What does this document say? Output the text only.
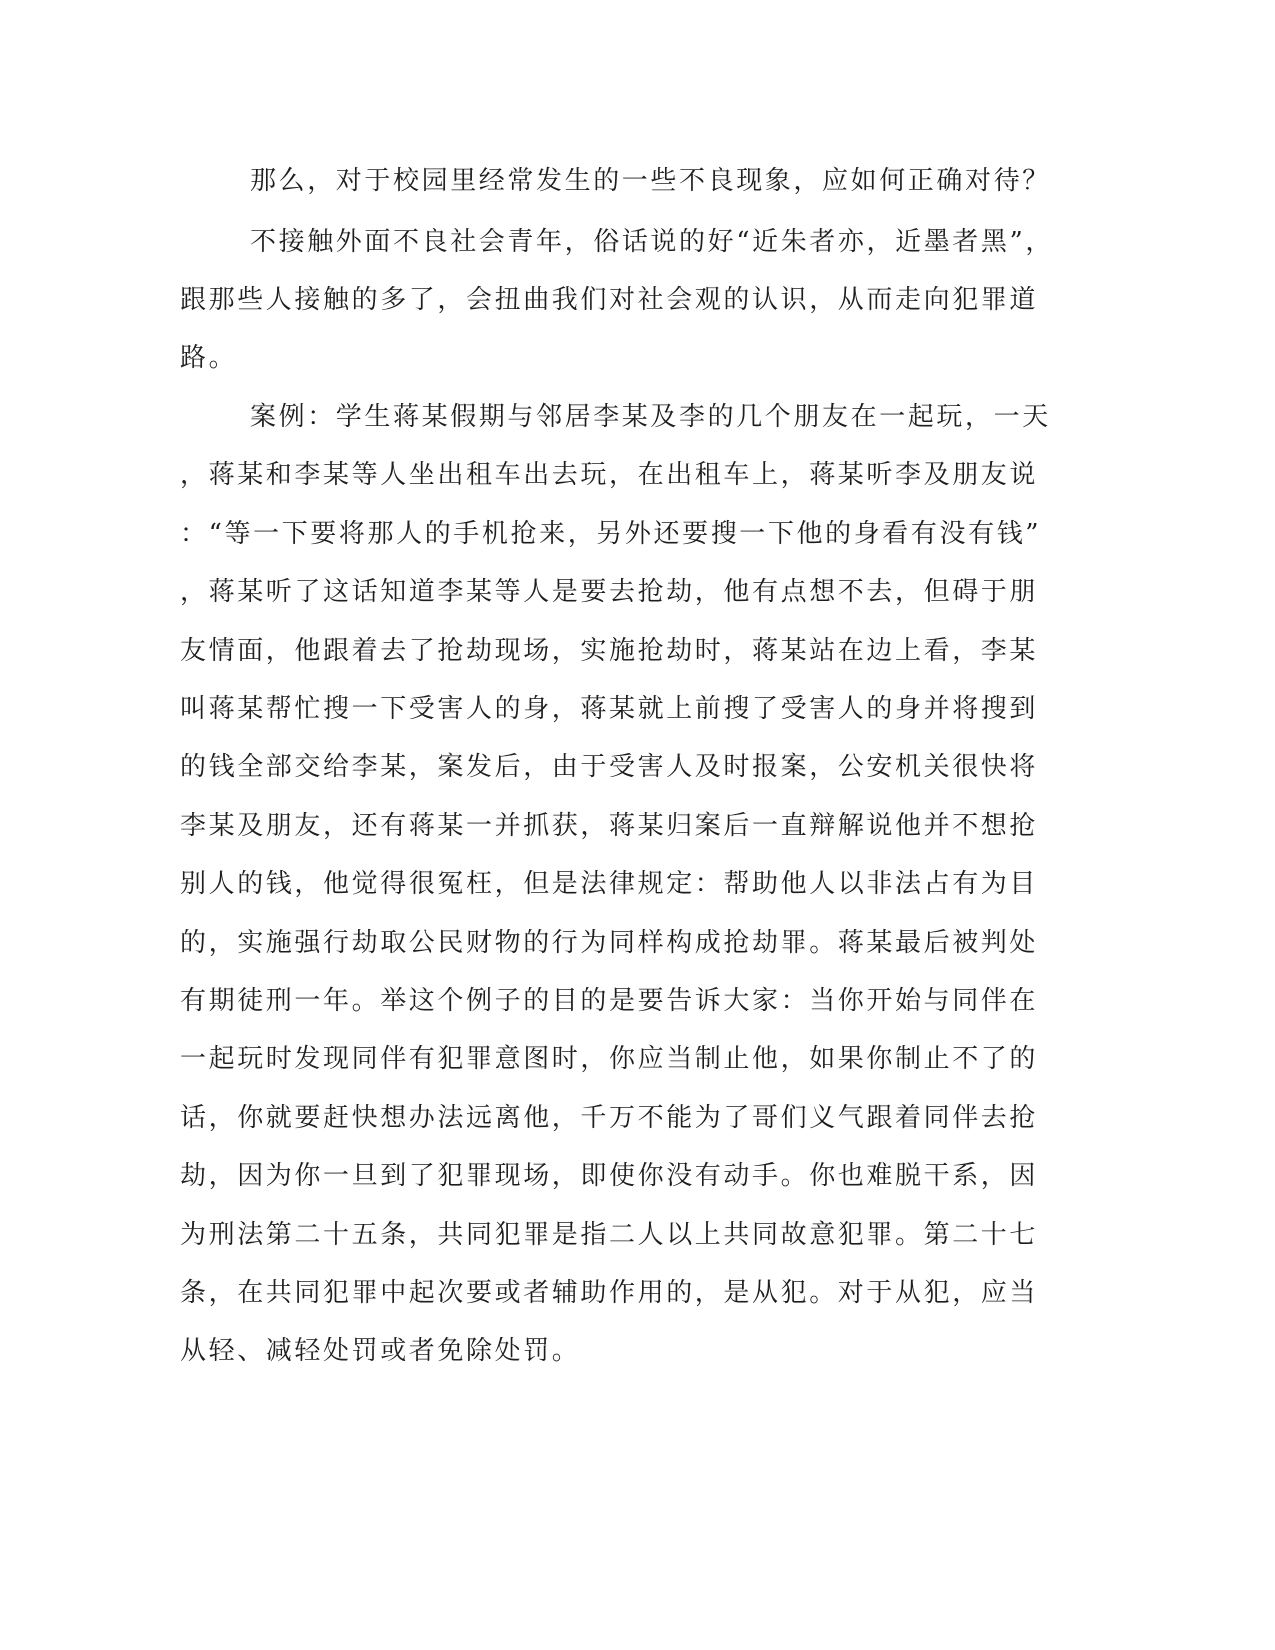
那么，对于校园里经常发生的一些不良现象，应如何正确对待？
不接触外面不良社会青年，俗话说的好“近朱者亦，近墨者黑”，
跟那些人接触的多了，会扭曲我们对社会观的认识，从而走向犯罪道
路。
案例：学生蒋某假期与邻居李某及李的几个朋友在一起玩，一天
，蒋某和李某等人坐出租车出去玩，在出租车上，蒋某听李及朋友说
：“等一下要将那人的手机抢来，另外还要搜一下他的身看有没有钱”
，蒋某听了这话知道李某等人是要去抢劫，他有点想不去，但碍于朋
友情面，他跟着去了抢劫现场，实施抢劫时，蒋某站在边上看，李某
叫蒋某帮忙搜一下受害人的身，蒋某就上前搜了受害人的身并将搜到
的钱全部交给李某，案发后，由于受害人及时报案，公安机关很快将
李某及朋友，还有蒋某一并抓获，蒋某归案后一直辩解说他并不想抢
别人的钱，他觉得很冤枉，但是法律规定：帮助他人以非法占有为目
的，实施强行劫取公民财物的行为同样构成抢劫罪。蒋某最后被判处
有期徒刑一年。举这个例子的目的是要告诉大家：当你开始与同伴在
一起玩时发现同伴有犯罪意图时，你应当制止他，如果你制止不了的
话，你就要赶快想办法远离他，千万不能为了哥们义气跟着同伴去抢
劫，因为你一旦到了犯罪现场，即使你没有动手。你也难脱干系，因
为刑法第二十五条，共同犯罪是指二人以上共同故意犯罪。第二十七
条，在共同犯罪中起次要或者辅助作用的，是从犯。对于从犯，应当
从轻、减轻处罚或者免除处罚。
